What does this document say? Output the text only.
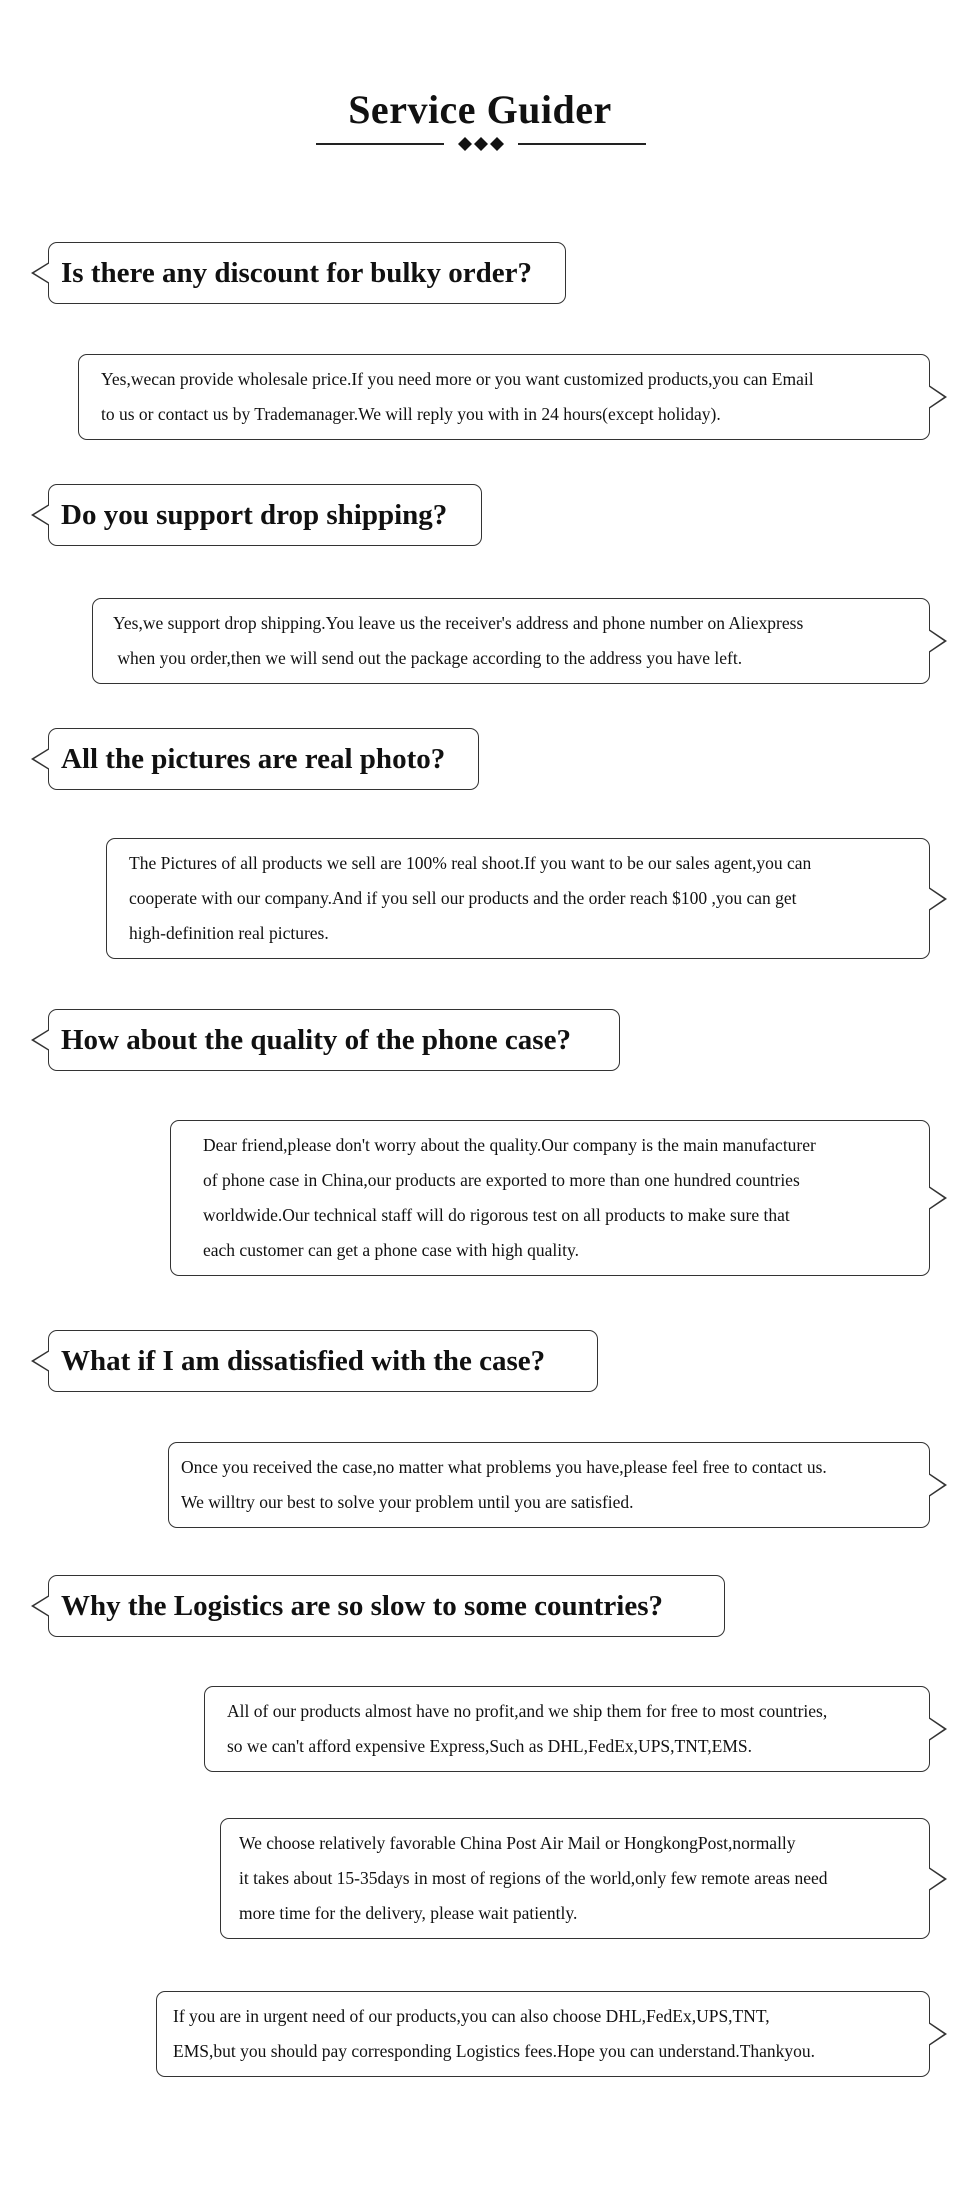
Service Guider
Is there any discount for bulky order?
Yes,wecan provide wholesale price.If you need more or you want customized products,you can Email
to us or contact us by Trademanager.We will reply you with in 24 hours(except holiday).
Do you support drop shipping?
Yes,we support drop shipping.You leave us the receiver's address and phone number on Aliexpress
when you order,then we will send out the package according to the address you have left.
All the pictures are real photo?
The Pictures of all products we sell are 100% real shoot.If you want to be our sales agent,you can
cooperate with our company.And if you sell our products and the order reach $100 ,you can get
high-definition real pictures.
How about the quality of the phone case?
Dear friend,please don't worry about the quality.Our company is the main manufacturer
of phone case in China,our products are exported to more than one hundred countries
worldwide.Our technical staff will do rigorous test on all products to make sure that
each customer can get a phone case with high quality.
What if I am dissatisfied with the case?
Once you received the case,no matter what problems you have,please feel free to contact us.
We willtry our best to solve your problem until you are satisfied.
Why the Logistics are so slow to some countries?
All of our products almost have no profit,and we ship them for free to most countries,
so we can't afford expensive Express,Such as DHL,FedEx,UPS,TNT,EMS.
We choose relatively favorable China Post Air Mail or HongkongPost,normally
it takes about 15-35days in most of regions of the world,only few remote areas need
more time for the delivery, please wait patiently.
If you are in urgent need of our products,you can also choose DHL,FedEx,UPS,TNT,
EMS,but you should pay corresponding Logistics fees.Hope you can understand.Thankyou.
